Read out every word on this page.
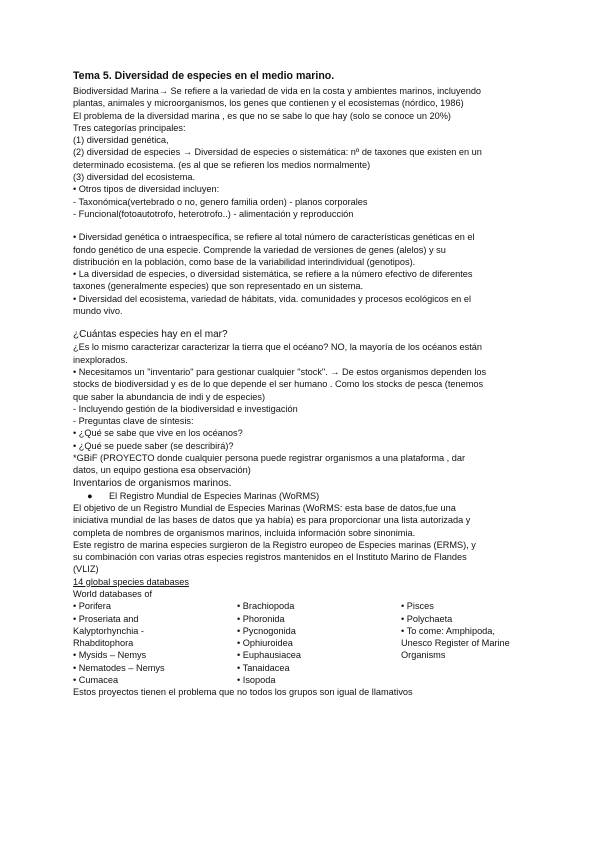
Tema 5. Diversidad de especies en el medio marino.
Biodiversidad Marina→ Se refiere a la variedad de vida en la costa y ambientes marinos, incluyendo
plantas, animales y microorganismos, los genes que contienen y el ecosistemas (nórdico, 1986)
El problema de la diversidad marina , es que no se sabe lo que hay (solo se conoce un 20%)
Tres categorías principales:
(1) diversidad genética,
(2) diversidad de especies → Diversidad de especies o sistemática: nº de taxones que existen en un
determinado ecosistema. (es al que se refieren los medios normalmente)
(3) diversidad del ecosistema.
• Otros tipos de diversidad incluyen:
- Taxonómica(vertebrado o no, genero familia orden) - planos corporales
- Funcional(fotoautotrofo, heterotrofo..) - alimentación y reproducción
• Diversidad genética o intraespecífica, se refiere al total número de características genéticas en el
fondo genético de una especie. Comprende la variedad de versiones de genes (alelos) y su
distribución en la población, como base de la variabilidad interindividual (genotipos).
• La diversidad de especies, o diversidad sistemática, se refiere a la número efectivo de diferentes
taxones (generalmente especies) que son representado en un sistema.
• Diversidad del ecosistema, variedad de hábitats, vida. comunidades y procesos ecológicos en el
mundo vivo.
¿Cuántas especies hay en el mar?
¿Es lo mismo caracterizar caracterizar la tierra que el océano? NO, la mayoría de los océanos están
inexplorados.
• Necesitamos un "inventario" para gestionar cualquier "stock". → De estos organismos dependen los
stocks de biodiversidad y es de lo que depende el ser humano . Como los stocks de pesca (tenemos
que saber la abundancia de indi y de especies)
- Incluyendo gestión de la biodiversidad e investigación
- Preguntas clave de síntesis:
• ¿Qué se sabe que vive en los océanos?
• ¿Qué se puede saber (se describirá)?
*GBiF (PROYECTO donde cualquier persona puede registrar organismos a una plataforma , dar
datos, un equipo gestiona esa observación)
Inventarios de organismos marinos.
● El Registro Mundial de Especies Marinas (WoRMS)
El objetivo de un Registro Mundial de Especies Marinas (WoRMS: esta base de datos,fue una
iniciativa mundial de las bases de datos que ya había) es para proporcionar una lista autorizada y
completa de nombres de organismos marinos, incluida información sobre sinonimia.
Este registro de marina especies surgieron de la Registro europeo de Especies marinas (ERMS), y
su combinación con varias otras especies registros mantenidos en el Instituto Marino de Flandes
(VLIZ)
14 global species databases
World databases of
• Porifera
• Proseriata and
Kalyptorhynchia -
Rhabditophora
• Mysids – Nemys
• Nematodes – Nemys
• Cumacea
• Brachiopoda
• Phoronida
• Pycnogonida
• Ophiuroidea
• Euphausiacea
• Tanaidacea
• Isopoda
• Pisces
• Polychaeta
• To come: Amphipoda,
Unesco Register of Marine
Organisms
Estos proyectos tienen el problema que no todos los grupos son igual de llamativos
